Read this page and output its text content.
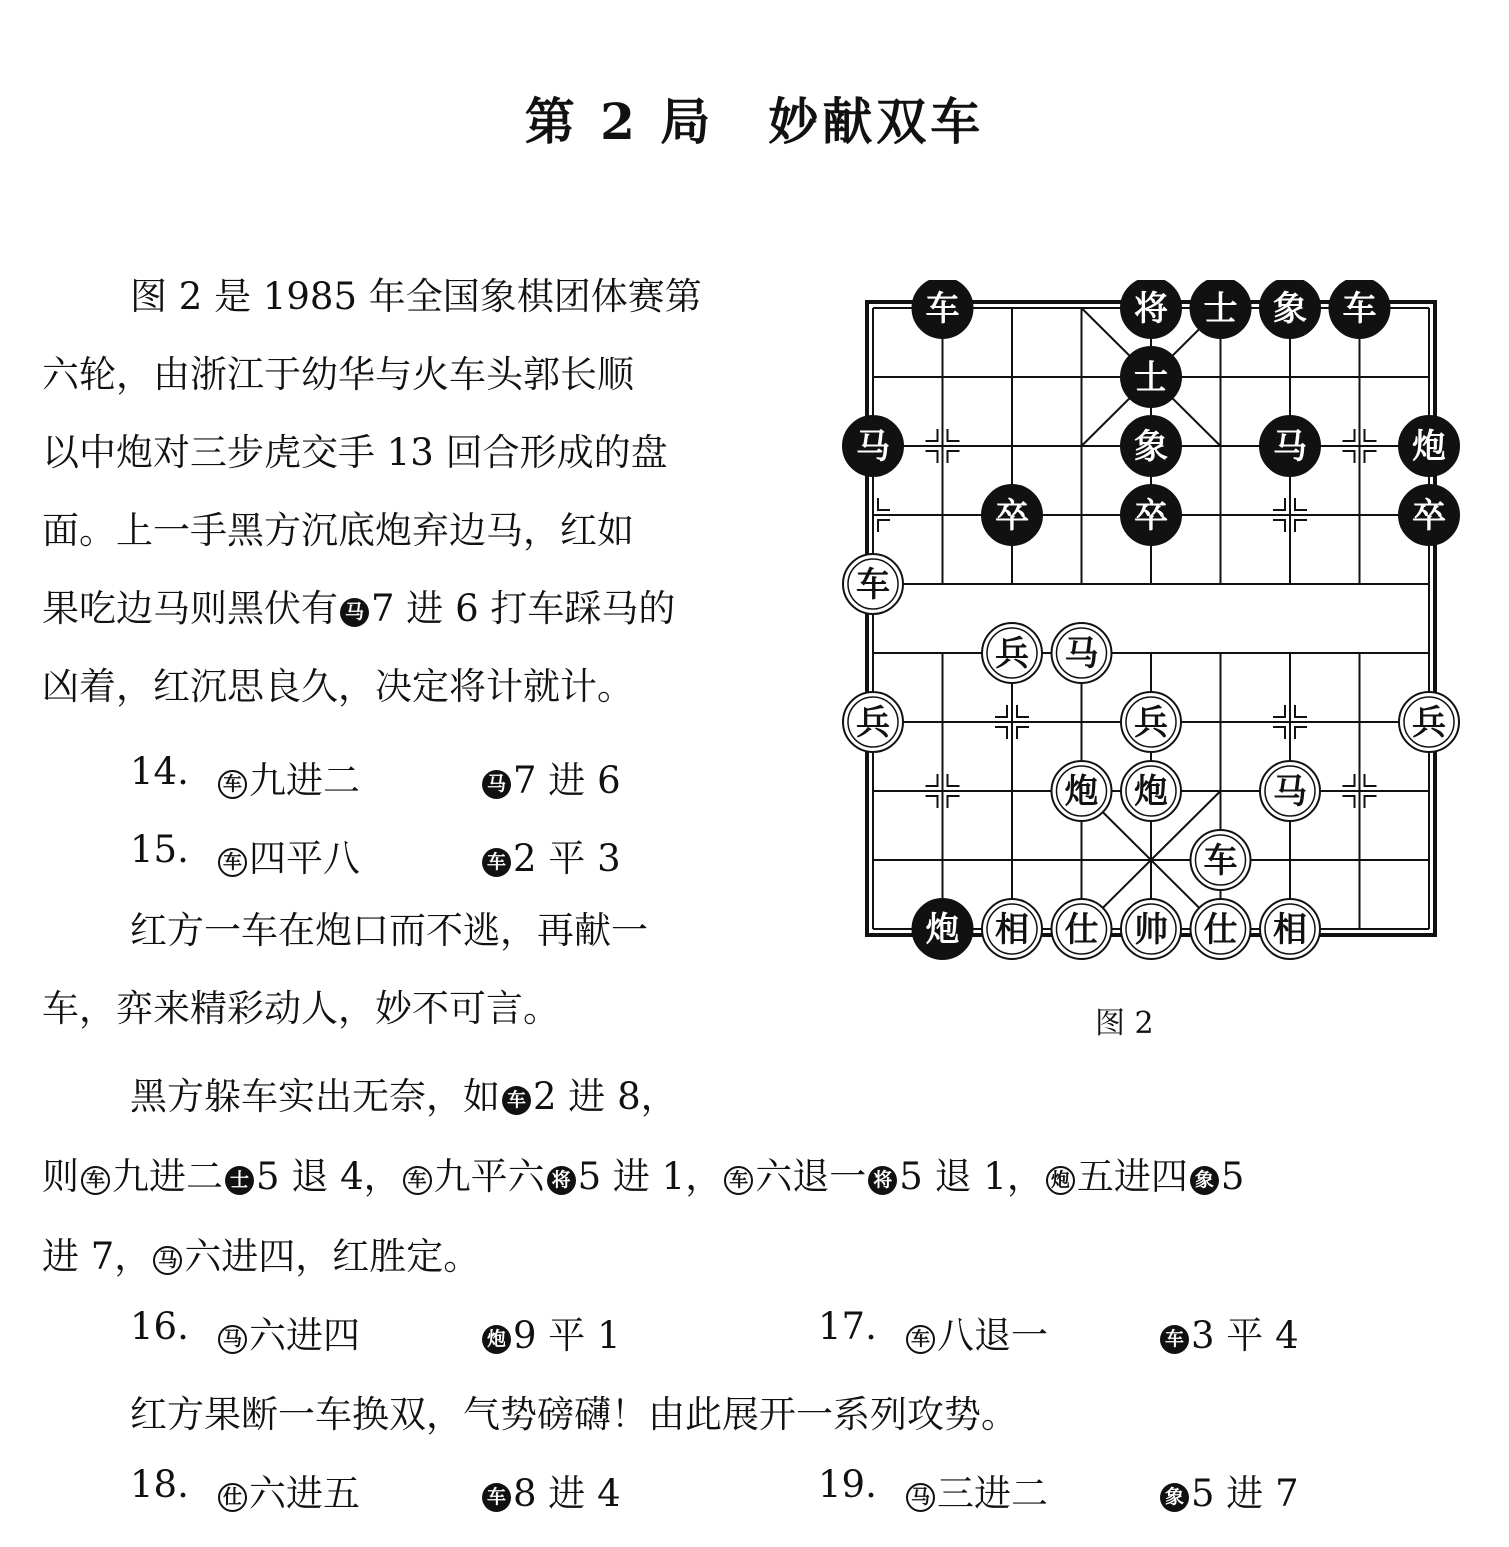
第 2 局　妙献双车
图 2 是 1985 年全国象棋团体赛第
六轮，由浙江于幼华与火车头郭长顺
以中炮对三步虎交手 13 回合形成的盘
面。上一手黑方沉底炮弃边马，红如
果吃边马则黑伏有 马 7 进 6 打车踩马的
凶着，红沉思良久，决定将计就计。
14.	车 九进二	马 7 进 6
15.	车 四平八	车 2 平 3
红方一车在炮口而不逃，再献一
车，弈来精彩动人，妙不可言。
黑方躲车实出无奈，如 车 2 进 8，
则 车 九进二 士 5 退 4， 车 九平六 将 5 进 1， 车 六退一 将 5 退 1， 炮 五进四 象 5
进 7， 马 六进四，红胜定。
16.	马 六进四	炮 9 平 1	17.	车 八退一	车 3 平 4
红方果断一车换双，气势磅礴！由此展开一系列攻势。
18.	仕 六进五	车 8 进 4	19.	马 三进二	象 5 进 7
车	将 士 象 车
士
马	象	马	炮
卒	卒	卒
车
兵 马
兵	兵	兵
炮 炮	马
车
炮 相 仕 帅 仕 相
图 2
